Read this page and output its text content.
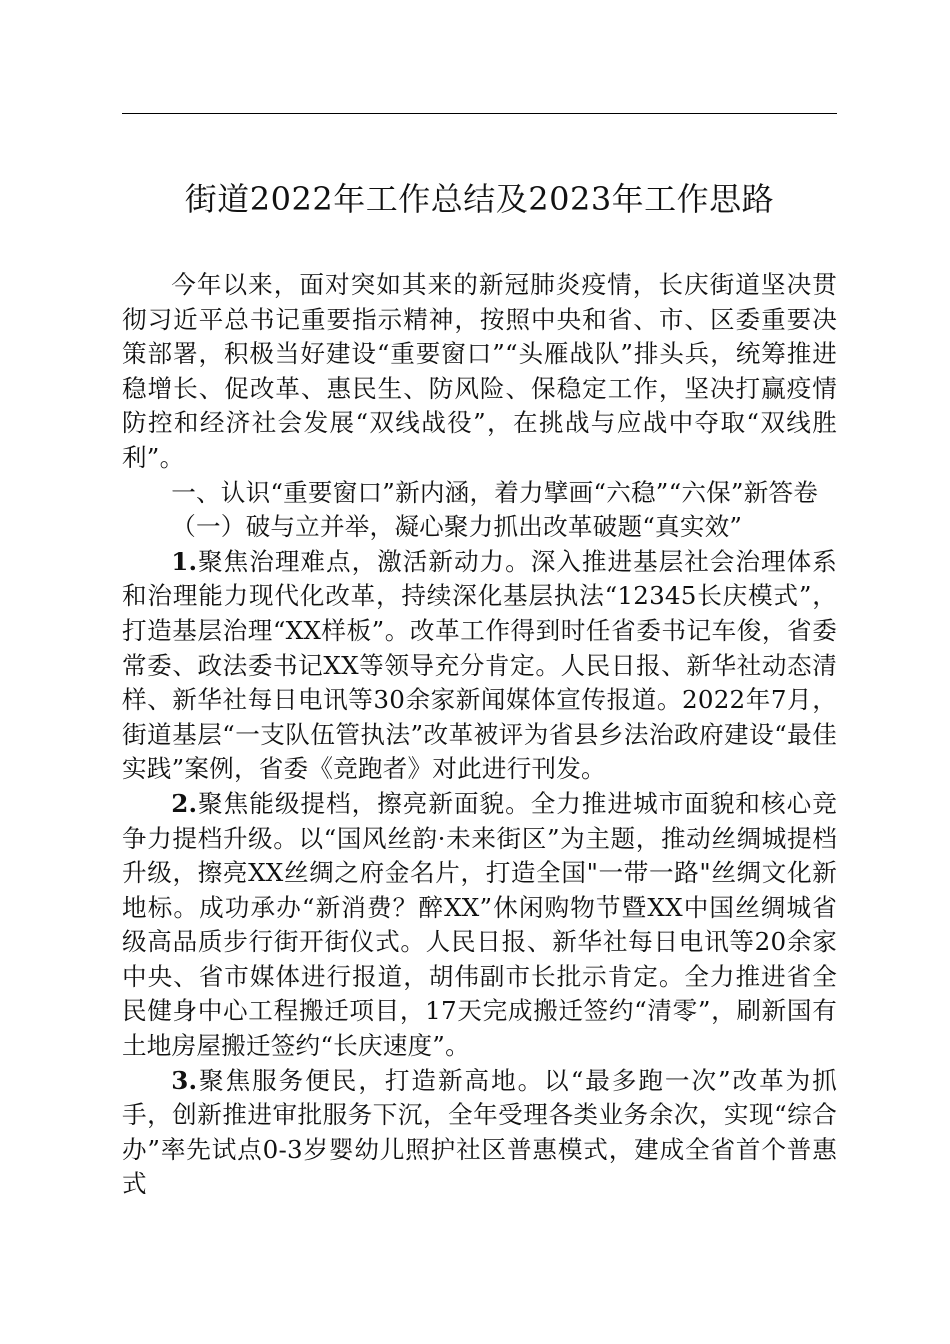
街道2022年工作总结及2023年工作思路

今年以来，面对突如其来的新冠肺炎疫情，长庆街道坚决贯彻习近平总书记重要指示精神，按照中央和省、市、区委重要决策部署，积极当好建设“重要窗口”“头雁战队”排头兵，统筹推进稳增长、促改革、惠民生、防风险、保稳定工作，坚决打赢疫情防控和经济社会发展“双线战役”，在挑战与应战中夺取“双线胜利”。

一、认识“重要窗口”新内涵，着力擘画“六稳”“六保”新答卷

（一）破与立并举，凝心聚力抓出改革破题“真实效”

1.聚焦治理难点，激活新动力。深入推进基层社会治理体系和治理能力现代化改革，持续深化基层执法“12345长庆模式”，打造基层治理“XX样板”。改革工作得到时任省委书记车俊，省委常委、政法委书记XX等领导充分肯定。人民日报、新华社动态清样、新华社每日电讯等30余家新闻媒体宣传报道。2022年7月，街道基层“一支队伍管执法”改革被评为省县乡法治政府建设“最佳实践”案例，省委《竞跑者》对此进行刊发。

2.聚焦能级提档，擦亮新面貌。全力推进城市面貌和核心竞争力提档升级。以“国风丝韵·未来街区”为主题，推动丝绸城提档升级，擦亮XX丝绸之府金名片，打造全国"一带一路"丝绸文化新地标。成功承办“新消费？醉XX”休闲购物节暨XX中国丝绸城省级高品质步行街开街仪式。人民日报、新华社每日电讯等20余家中央、省市媒体进行报道，胡伟副市长批示肯定。全力推进省全民健身中心工程搬迁项目，17天完成搬迁签约“清零”，刷新国有土地房屋搬迁签约“长庆速度”。

3.聚焦服务便民，打造新高地。以“最多跑一次”改革为抓手，创新推进审批服务下沉，全年受理各类业务余次，实现“综合办”率先试点0-3岁婴幼儿照护社区普惠模式，建成全省首个普惠式
